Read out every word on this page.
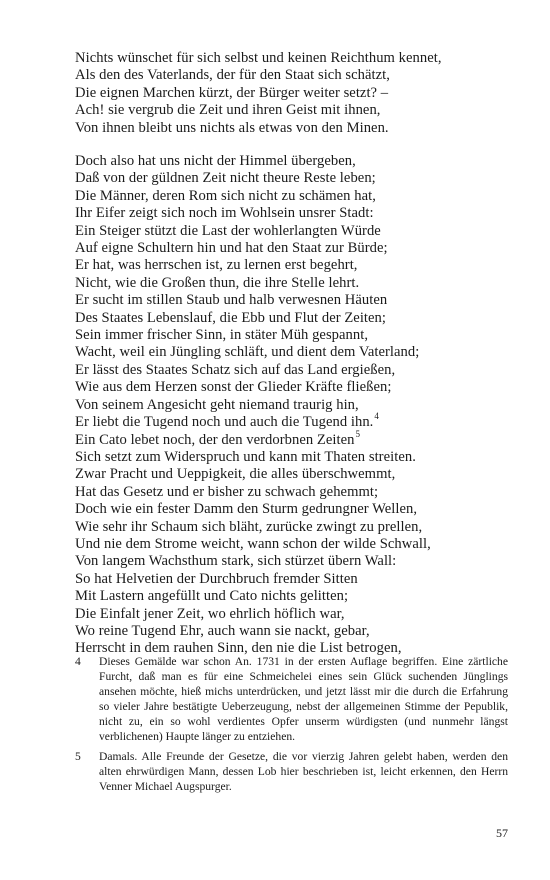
Nichts wünschet für sich selbst und keinen Reichthum kennet,
Als den des Vaterlands, der für den Staat sich schätzt,
Die eignen Marchen kürzt, der Bürger weiter setzt? –
Ach! sie vergrub die Zeit und ihren Geist mit ihnen,
Von ihnen bleibt uns nichts als etwas von den Minen.
Doch also hat uns nicht der Himmel übergeben,
Daß von der güldnen Zeit nicht theure Reste leben;
Die Männer, deren Rom sich nicht zu schämen hat,
Ihr Eifer zeigt sich noch im Wohlsein unsrer Stadt:
Ein Steiger stützt die Last der wohlerlangten Würde
Auf eigne Schultern hin und hat den Staat zur Bürde;
Er hat, was herrschen ist, zu lernen erst begehrt,
Nicht, wie die Großen thun, die ihre Stelle lehrt.
Er sucht im stillen Staub und halb verwesnen Häuten
Des Staates Lebenslauf, die Ebb und Flut der Zeiten;
Sein immer frischer Sinn, in stäter Müh gespannt,
Wacht, weil ein Jüngling schläft, und dient dem Vaterland;
Er lässt des Staates Schatz sich auf das Land ergießen,
Wie aus dem Herzen sonst der Glieder Kräfte fließen;
Von seinem Angesicht geht niemand traurig hin,
Er liebt die Tugend noch und auch die Tugend ihn.$^4$
Ein Cato lebet noch, der den verdorbnen Zeiten$^5$
Sich setzt zum Widerspruch und kann mit Thaten streiten.
Zwar Pracht und Ueppigkeit, die alles überschwemmt,
Hat das Gesetz und er bisher zu schwach gehemmt;
Doch wie ein fester Damm den Sturm gedrungner Wellen,
Wie sehr ihr Schaum sich bläht, zurücke zwingt zu prellen,
Und nie dem Strome weicht, wann schon der wilde Schwall,
Von langem Wachsthum stark, sich stürzet übern Wall:
So hat Helvetien der Durchbruch fremder Sitten
Mit Lastern angefüllt und Cato nichts gelitten;
Die Einfalt jener Zeit, wo ehrlich höflich war,
Wo reine Tugend Ehr, auch wann sie nackt, gebar,
Herrscht in dem rauhen Sinn, den nie die List betrogen,
4 Dieses Gemälde war schon An. 1731 in der ersten Auflage begriffen. Eine zärtliche Furcht, daß man es für eine Schmeichelei eines sein Glück suchenden Jünglings ansehen möchte, hieß michs unterdrücken, und jetzt lässt mir die durch die Erfahrung so vieler Jahre bestätigte Ueberzeugung, nebst der allgemeinen Stimme der Pepublik, nicht zu, ein so wohl verdientes Opfer unserm würdigsten (und nunmehr längst verblichenen) Haupte länger zu entziehen.
5 Damals. Alle Freunde der Gesetze, die vor vierzig Jahren gelebt haben, werden den alten ehrwürdigen Mann, dessen Lob hier beschrieben ist, leicht erkennen, den Herrn Venner Michael Augspurger.
57
